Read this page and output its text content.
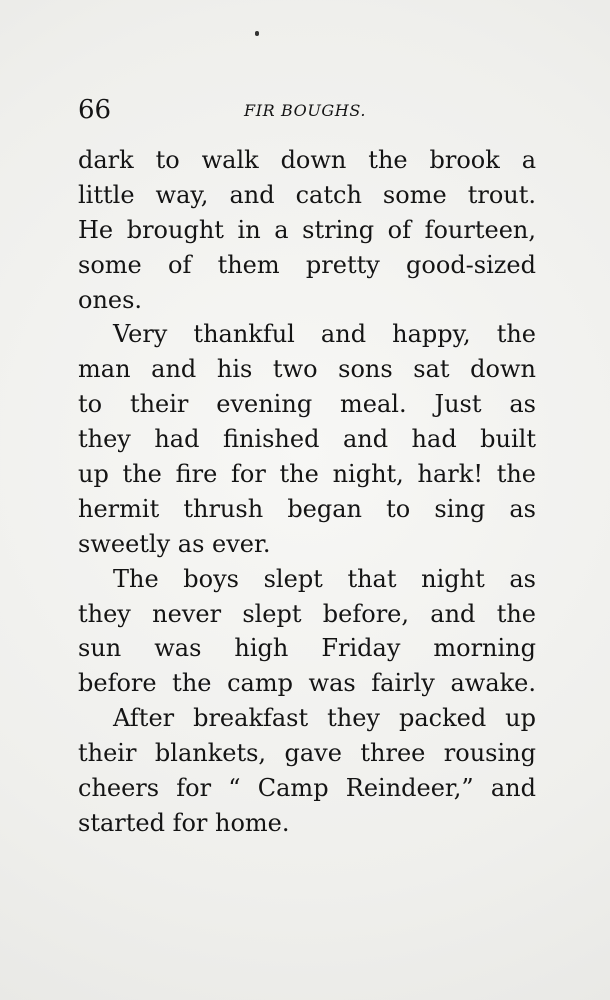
66	FIR BOUGHS.
dark to walk down the brook a
little way, and catch some trout.
He brought in a string of fourteen,
some of them pretty good-sized
ones.
Very thankful and happy, the
man and his two sons sat down
to their evening meal. Just as
they had finished and had built
up the fire for the night, hark! the
hermit thrush began to sing as
sweetly as ever.
The boys slept that night as
they never slept before, and the
sun was high Friday morning
before the camp was fairly awake.
After breakfast they packed up
their blankets, gave three rousing
cheers for “ Camp Reindeer,” and
started for home.
